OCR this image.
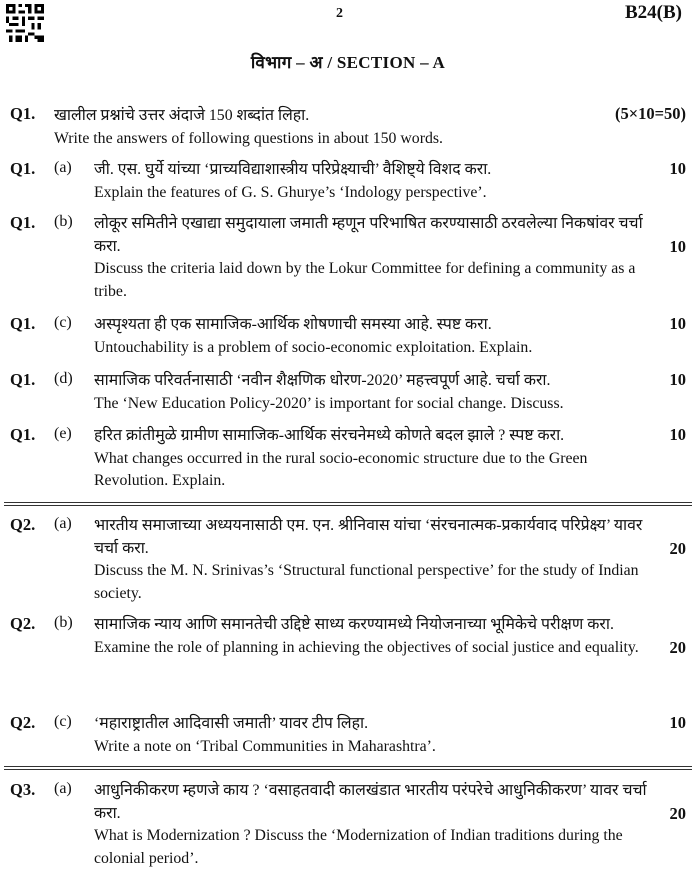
2	B24(B)
विभाग – अ / SECTION – A
Q1. खालील प्रश्नांचे उत्तर अंदाजे 150 शब्दांत लिहा.

Write the answers of following questions in about 150 words.

(5×10=50)
Q1. (a) जी. एस. घुर्ये यांच्या ‘प्राच्यविद्याशास्त्रीय परिप्रेक्ष्याची’ वैशिष्ट्ये विशद करा.

Explain the features of G. S. Ghurye’s ‘Indology perspective’.

10
Q1. (b) लोकूर समितीने एखाद्या समुदायाला जमाती म्हणून परिभाषित करण्यासाठी ठरवलेल्या निकषांवर चर्चा करा.

Discuss the criteria laid down by the Lokur Committee for defining a community as a tribe.

10
Q1. (c) अस्पृश्यता ही एक सामाजिक-आर्थिक शोषणाची समस्या आहे. स्पष्ट करा.

Untouchability is a problem of socio-economic exploitation. Explain.

10
Q1. (d) सामाजिक परिवर्तनासाठी ‘नवीन शैक्षणिक धोरण-2020’ महत्त्वपूर्ण आहे. चर्चा करा.

The ‘New Education Policy-2020’ is important for social change. Discuss.

10
Q1. (e) हरित क्रांतीमुळे ग्रामीण सामाजिक-आर्थिक संरचनेमध्ये कोणते बदल झाले ? स्पष्ट करा.

What changes occurred in the rural socio-economic structure due to the Green Revolution. Explain.

10
Q2. (a) भारतीय समाजाच्या अध्ययनासाठी एम. एन. श्रीनिवास यांचा ‘संरचनात्मक-प्रकार्यवाद परिप्रेक्ष्य’ यावर चर्चा करा.

Discuss the M. N. Srinivas’s ‘Structural functional perspective’ for the study of Indian society.

20
Q2. (b) सामाजिक न्याय आणि समानतेची उद्दिष्टे साध्य करण्यामध्ये नियोजनाच्या भूमिकेचे परीक्षण करा.

Examine the role of planning in achieving the objectives of social justice and equality.	20
Q2. (c) ‘महाराष्ट्रातील आदिवासी जमाती’ यावर टीप लिहा.

Write a note on ‘Tribal Communities in Maharashtra’.

10
Q3. (a) आधुनिकीकरण म्हणजे काय ? ‘वसाहतवादी कालखंडात भारतीय परंपरेचे आधुनिकीकरण’ यावर चर्चा करा.

What is Modernization ? Discuss the ‘Modernization of Indian traditions during the colonial period’.

20
